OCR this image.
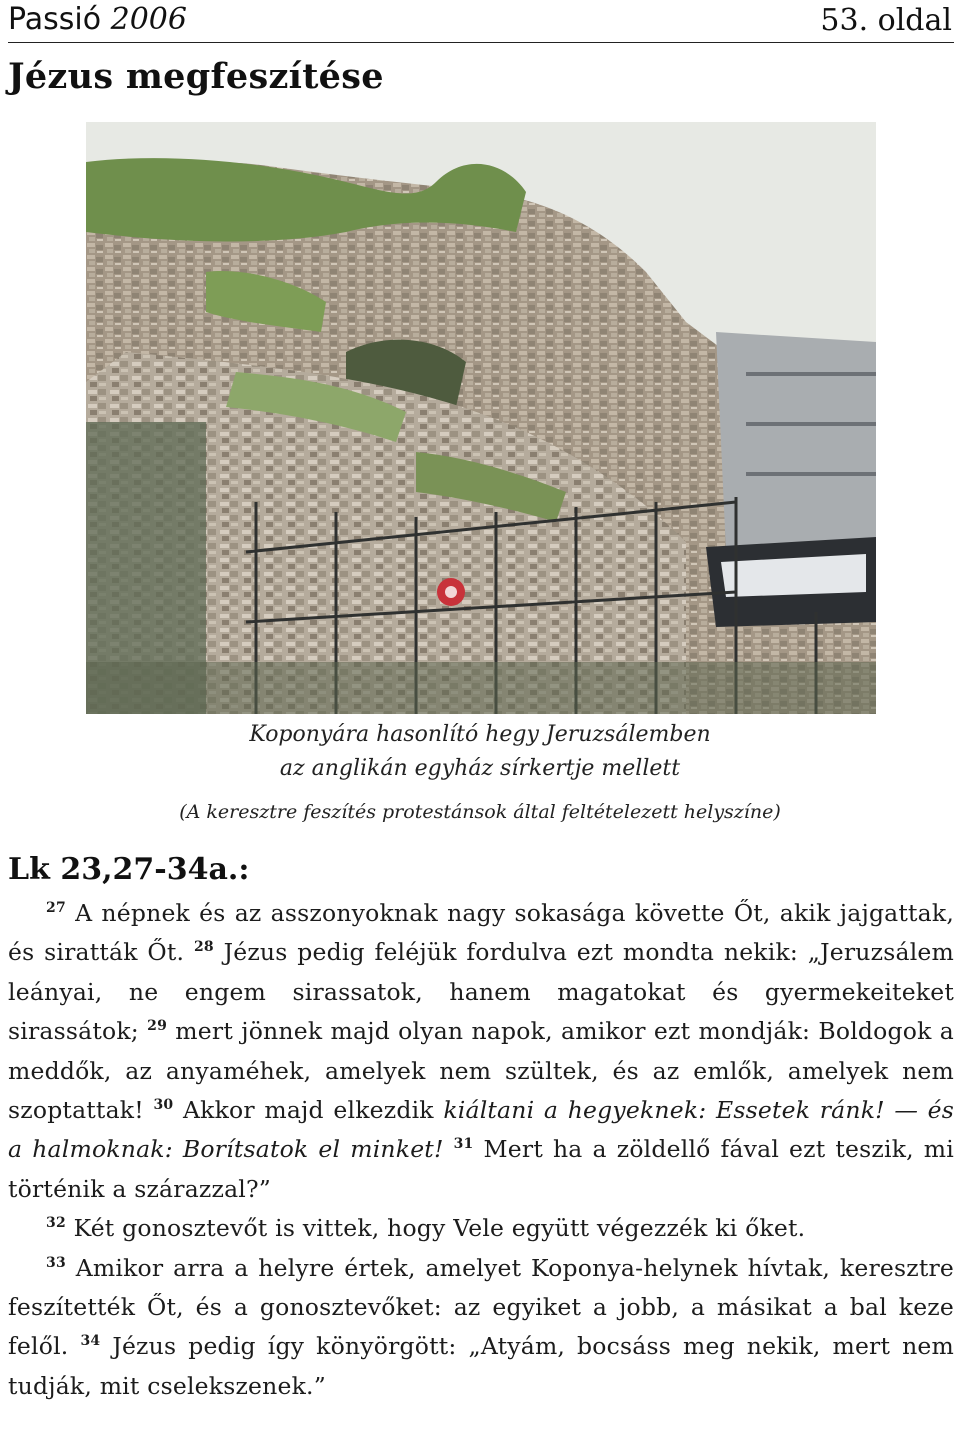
Passió 2006	53. oldal
Jézus megfeszítése
Koponyára hasonlító hegy Jeruzsálemben
az anglikán egyház sírkertje mellett
(A keresztre feszítés protestánsok által feltételezett helyszíne)
Lk 23,27-34a.:

$^{27}$ A népnek és az asszonyoknak nagy sokasága követte Őt, akik jajgattak, és siratták Őt. $^{28}$ Jézus pedig feléjük fordulva ezt mondta nekik: „Jeruzsálem leányai, ne engem sirassatok, hanem magatokat és gyermekeiteket sirassátok; $^{29}$ mert jönnek majd olyan napok, amikor ezt mondják: Boldogok a meddők, az anyaméhek, amelyek nem szültek, és az emlők, amelyek nem szoptattak! $^{30}$ Akkor majd elkezdik kiáltani a hegyeknek: Essetek ránk! — és a halmoknak: Borítsatok el minket! $^{31}$ Mert ha a zöldellő fával ezt teszik, mi történik a szárazzal?”

$^{32}$ Két gonosztevőt is vittek, hogy Vele együtt végezzék ki őket.

$^{33}$ Amikor arra a helyre értek, amelyet Koponya-helynek hívtak, keresztre feszítették Őt, és a gonosztevőket: az egyiket a jobb, a másikat a bal keze felől. $^{34}$ Jézus pedig így könyörgött: „Atyám, bocsáss meg nekik, mert nem tudják, mit cselekszenek.”
